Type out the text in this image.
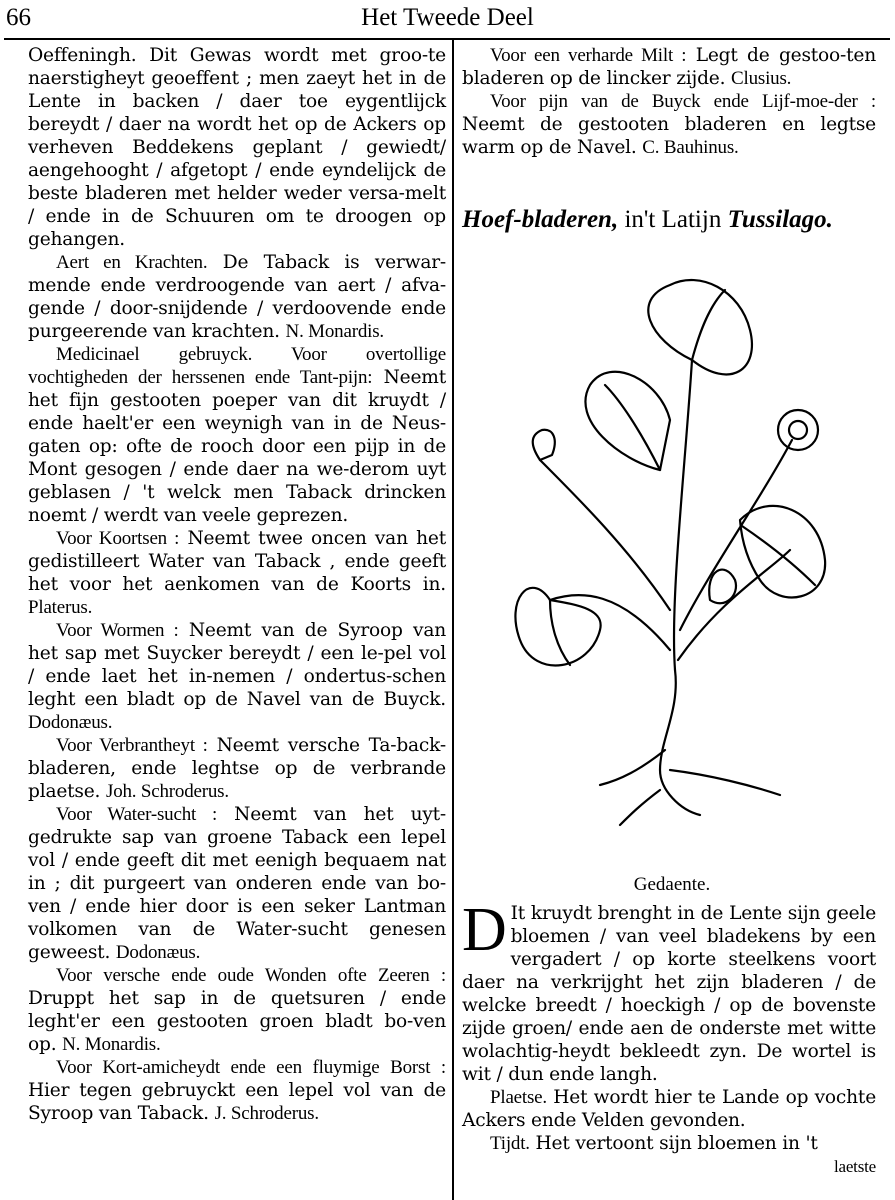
66	Het Tweede Deel

Oeffeningh. Dit Gewas wordt met groo-te naerstigheyt geoeffent ; men zaeyt het in de Lente in backen / daer toe eygentlijck bereydt / daer na wordt het op de Ackers op verheven Beddekens geplant / gewiedt/ aengehooght / afgetopt / ende eyndelijck de beste bladeren met helder weder versa-melt / ende in de Schuuren om te droogen op gehangen.

Aert en Krachten. De Taback is verwar-mende ende verdroogende van aert / afva-gende / door-snijdende / verdoovende ende purgeerende van krachten. N. Monardis.

Medicinael gebruyck. Voor overtollige vochtigheden der herssenen ende Tant-pijn: Neemt het fijn gestooten poeper van dit kruydt / ende haelt'er een weynigh van in de Neus-gaten op: ofte de rooch door een pijp in de Mont gesogen / ende daer na we-derom uyt geblasen / 't welck men Taback drincken noemt / werdt van veele geprezen.

Voor Koortsen : Neemt twee oncen van het gedistilleert Water van Taback , ende geeft het voor het aenkomen van de Koorts in. Platerus.

Voor Wormen : Neemt van de Syroop van het sap met Suycker bereydt / een le-pel vol / ende laet het in-nemen / ondertus-schen leght een bladt op de Navel van de Buyck. Dodonæus.

Voor Verbrantheyt : Neemt versche Ta-back-bladeren, ende leghtse op de verbrande plaetse. Joh. Schroderus.

Voor Water-sucht : Neemt van het uyt-gedrukte sap van groene Taback een lepel vol / ende geeft dit met eenigh bequaem nat in ; dit purgeert van onderen ende van bo-ven / ende hier door is een seker Lantman volkomen van de Water-sucht genesen geweest. Dodonæus.

Voor versche ende oude Wonden ofte Zeeren : Druppt het sap in de quetsuren / ende leght'er een gestooten groen bladt bo-ven op. N. Monardis.

Voor Kort-amicheydt ende een fluymige Borst : Hier tegen gebruyckt een lepel vol van de Syroop van Taback. J. Schroderus.

Voor een verharde Milt : Legt de gestoo-ten bladeren op de lincker zijde. Clusius.

Voor pijn van de Buyck ende Lijf-moe-der : Neemt de gestooten bladeren en legtse warm op de Navel. C. Bauhinus.

Hoef-bladeren, in't Latijn Tussilago.
Gedaente.

D It kruydt brenght in de Lente sijn geele bloemen / van veel bladekens by een vergadert / op korte steelkens voort daer na verkrijght het zijn bladeren / de welcke breedt / hoeckigh / op de bovenste zijde groen/ ende aen de onderste met witte wolachtig-heydt bekleedt zyn. De wortel is wit / dun ende langh.

Plaetse. Het wordt hier te Lande op vochte Ackers ende Velden gevonden.

Tijdt. Het vertoont sijn bloemen in 't

laetste
